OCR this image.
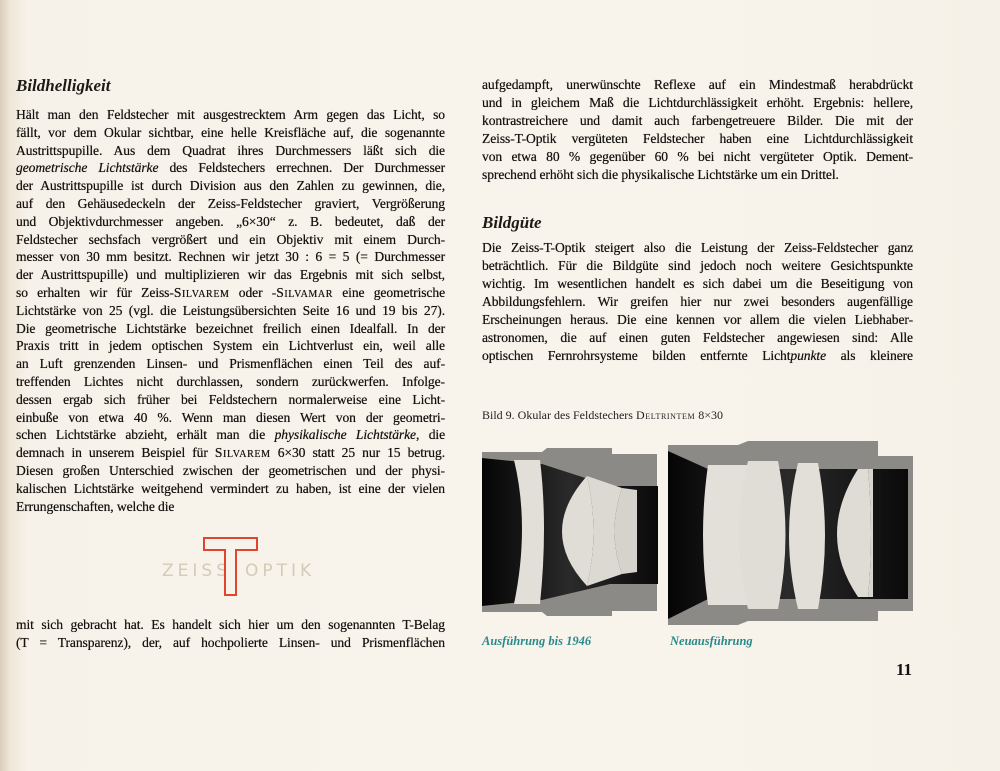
Bildhelligkeit
Hält man den Feldstecher mit ausgestrecktem Arm gegen das Licht, so
fällt, vor dem Okular sichtbar, eine helle Kreisfläche auf, die sogenannte
Austrittspupille. Aus dem Quadrat ihres Durchmessers läßt sich die
geometrische Lichtstärke des Feldstechers errechnen. Der Durchmesser
der Austrittspupille ist durch Division aus den Zahlen zu gewinnen, die,
auf den Gehäusedeckeln der Zeiss-Feldstecher graviert, Vergrößerung
und Objektivdurchmesser angeben. „6×30“ z. B. bedeutet, daß der
Feldstecher sechsfach vergrößert und ein Objektiv mit einem Durch-
messer von 30 mm besitzt. Rechnen wir jetzt 30 : 6 = 5 (= Durchmesser
der Austrittspupille) und multiplizieren wir das Ergebnis mit sich selbst,
so erhalten wir für Zeiss-Silvarem oder -Silvamar eine geometrische
Lichtstärke von 25 (vgl. die Leistungsübersichten Seite 16 und 19 bis 27).
Die geometrische Lichtstärke bezeichnet freilich einen Idealfall. In der
Praxis tritt in jedem optischen System ein Lichtverlust ein, weil alle
an Luft grenzenden Linsen- und Prismenflächen einen Teil des auf-
treffenden Lichtes nicht durchlassen, sondern zurückwerfen. Infolge-
dessen ergab sich früher bei Feldstechern normalerweise eine Licht-
einbuße von etwa 40 %. Wenn man diesen Wert von der geometri-
schen Lichtstärke abzieht, erhält man die physikalische Lichtstärke, die
demnach in unserem Beispiel für Silvarem 6×30 statt 25 nur 15 betrug.
Diesen großen Unterschied zwischen der geometrischen und der physi-
kalischen Lichtstärke weitgehend vermindert zu haben, ist eine der vielen
Errungenschaften, welche die
ZEISS OPTIK
mit sich gebracht hat. Es handelt sich hier um den sogenannten T-Belag
(T = Transparenz), der, auf hochpolierte Linsen- und Prismenflächen
aufgedampft, unerwünschte Reflexe auf ein Mindestmaß herabdrückt
und in gleichem Maß die Lichtdurchlässigkeit erhöht. Ergebnis: hellere,
kontrastreichere und damit auch farbengetreuere Bilder. Die mit der
Zeiss-T-Optik vergüteten Feldstecher haben eine Lichtdurchlässigkeit
von etwa 80 % gegenüber 60 % bei nicht vergüteter Optik. Dement-
sprechend erhöht sich die physikalische Lichtstärke um ein Drittel.
Bildgüte
Die Zeiss-T-Optik steigert also die Leistung der Zeiss-Feldstecher ganz
beträchtlich. Für die Bildgüte sind jedoch noch weitere Gesichtspunkte
wichtig. Im wesentlichen handelt es sich dabei um die Beseitigung von
Abbildungsfehlern. Wir greifen hier nur zwei besonders augenfällige
Erscheinungen heraus. Die eine kennen vor allem die vielen Liebhaber-
astronomen, die auf einen guten Feldstecher angewiesen sind: Alle
optischen Fernrohrsysteme bilden entfernte Lichtpunkte als kleinere
Bild 9. Okular des Feldstechers Deltrintem 8×30
Ausführung bis 1946	Neuausführung
11
